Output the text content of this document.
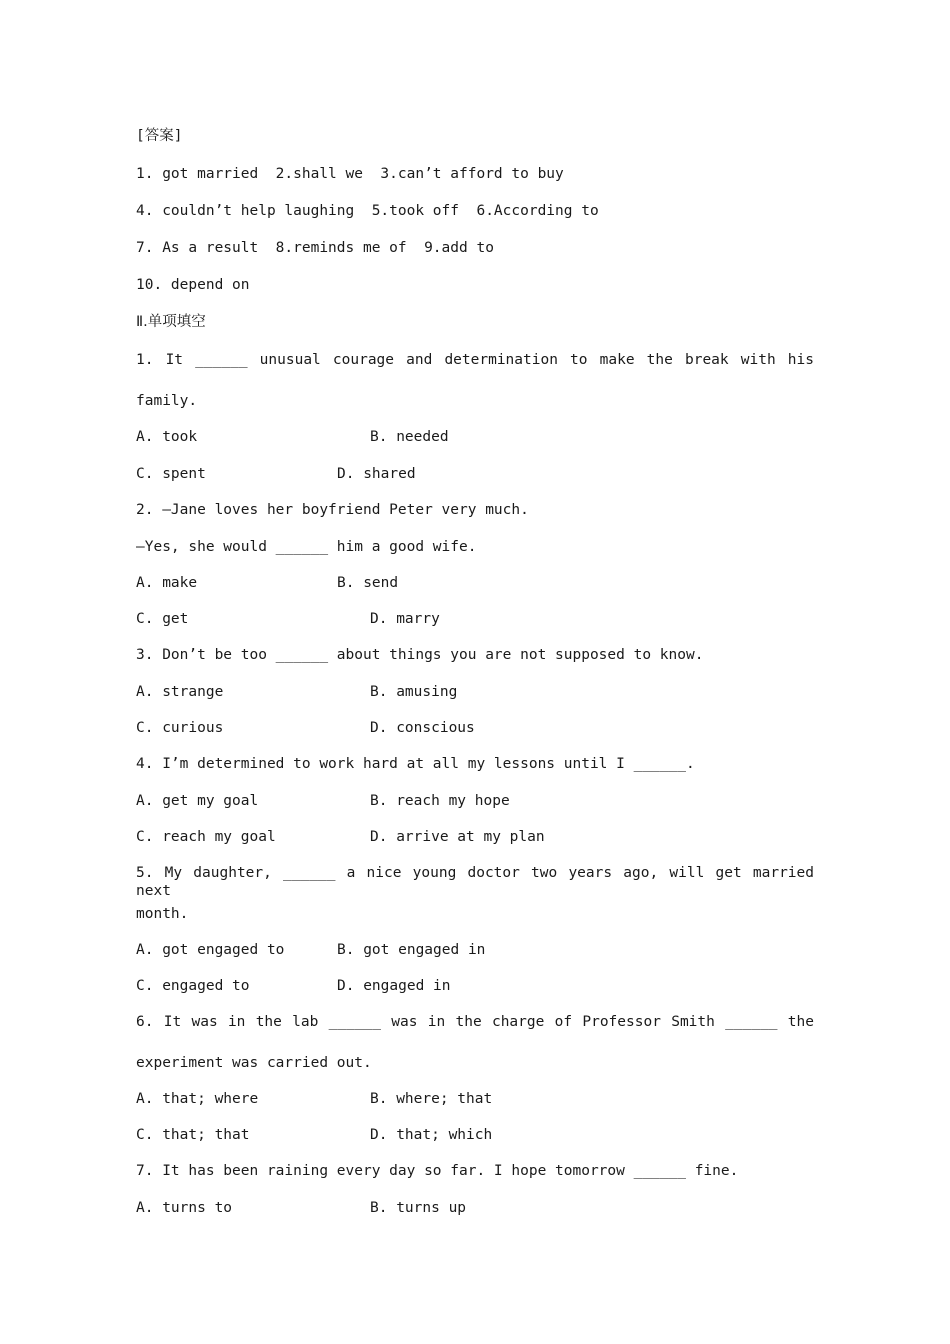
[答案]
1. got married  2.shall we  3.can’t afford to buy
4. couldn’t help laughing  5.took off  6.According to
7. As a result  8.reminds me of  9.add to
10. depend on
Ⅱ.单项填空
1. It ______ unusual courage and determination to make the break with his
family.
A. took	B. needed
C. spent	D. shared
2. —Jane loves her boyfriend Peter very much.
—Yes, she would ______ him a good wife.
A. make	B. send
C. get	D. marry
3. Don’t be too ______ about things you are not supposed to know.
A. strange	B. amusing
C. curious	D. conscious
4. I’m determined to work hard at all my lessons until I ______.
A. get my goal	B. reach my hope
C. reach my goal	D. arrive at my plan
5. My daughter, ______ a nice young doctor two years ago, will get married next
month.
A. got engaged to	B. got engaged in
C. engaged to	D. engaged in
6. It was in the lab ______ was in the charge of Professor Smith ______ the
experiment was carried out.
A. that; where	B. where; that
C. that; that	D. that; which
7. It has been raining every day so far. I hope tomorrow ______ fine.
A. turns to	B. turns up
